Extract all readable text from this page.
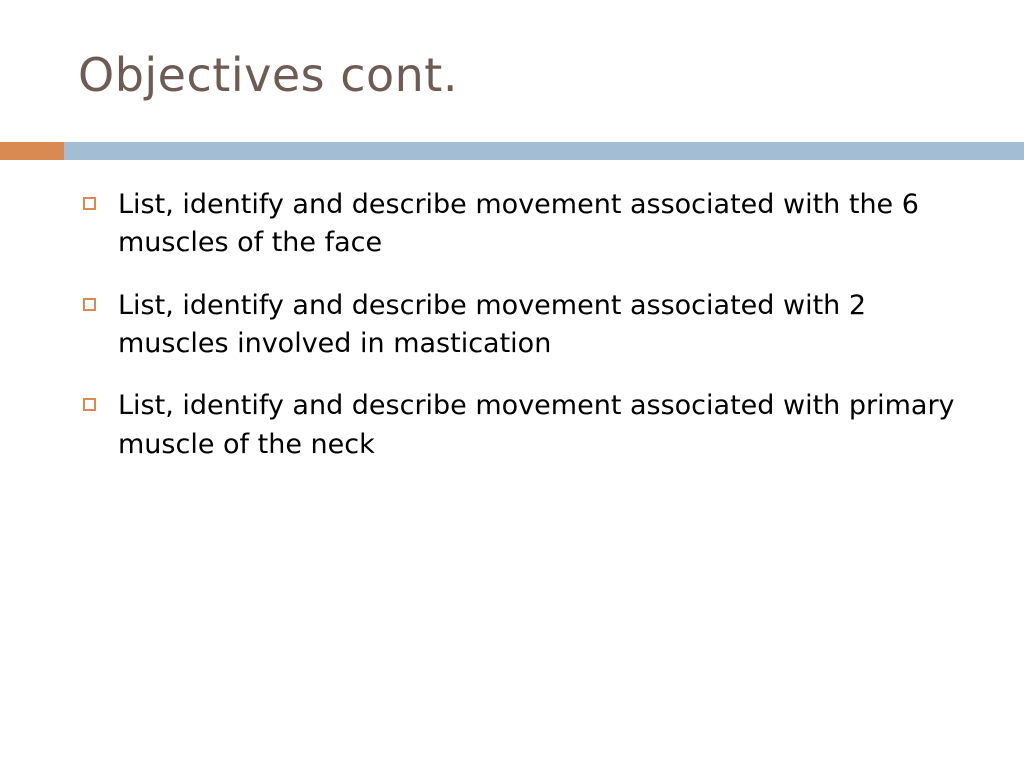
Objectives cont.
List, identify and describe movement associated with the 6 muscles of the face
List, identify and describe movement associated with 2 muscles involved in mastication
List, identify and describe movement associated with primary muscle of the neck
